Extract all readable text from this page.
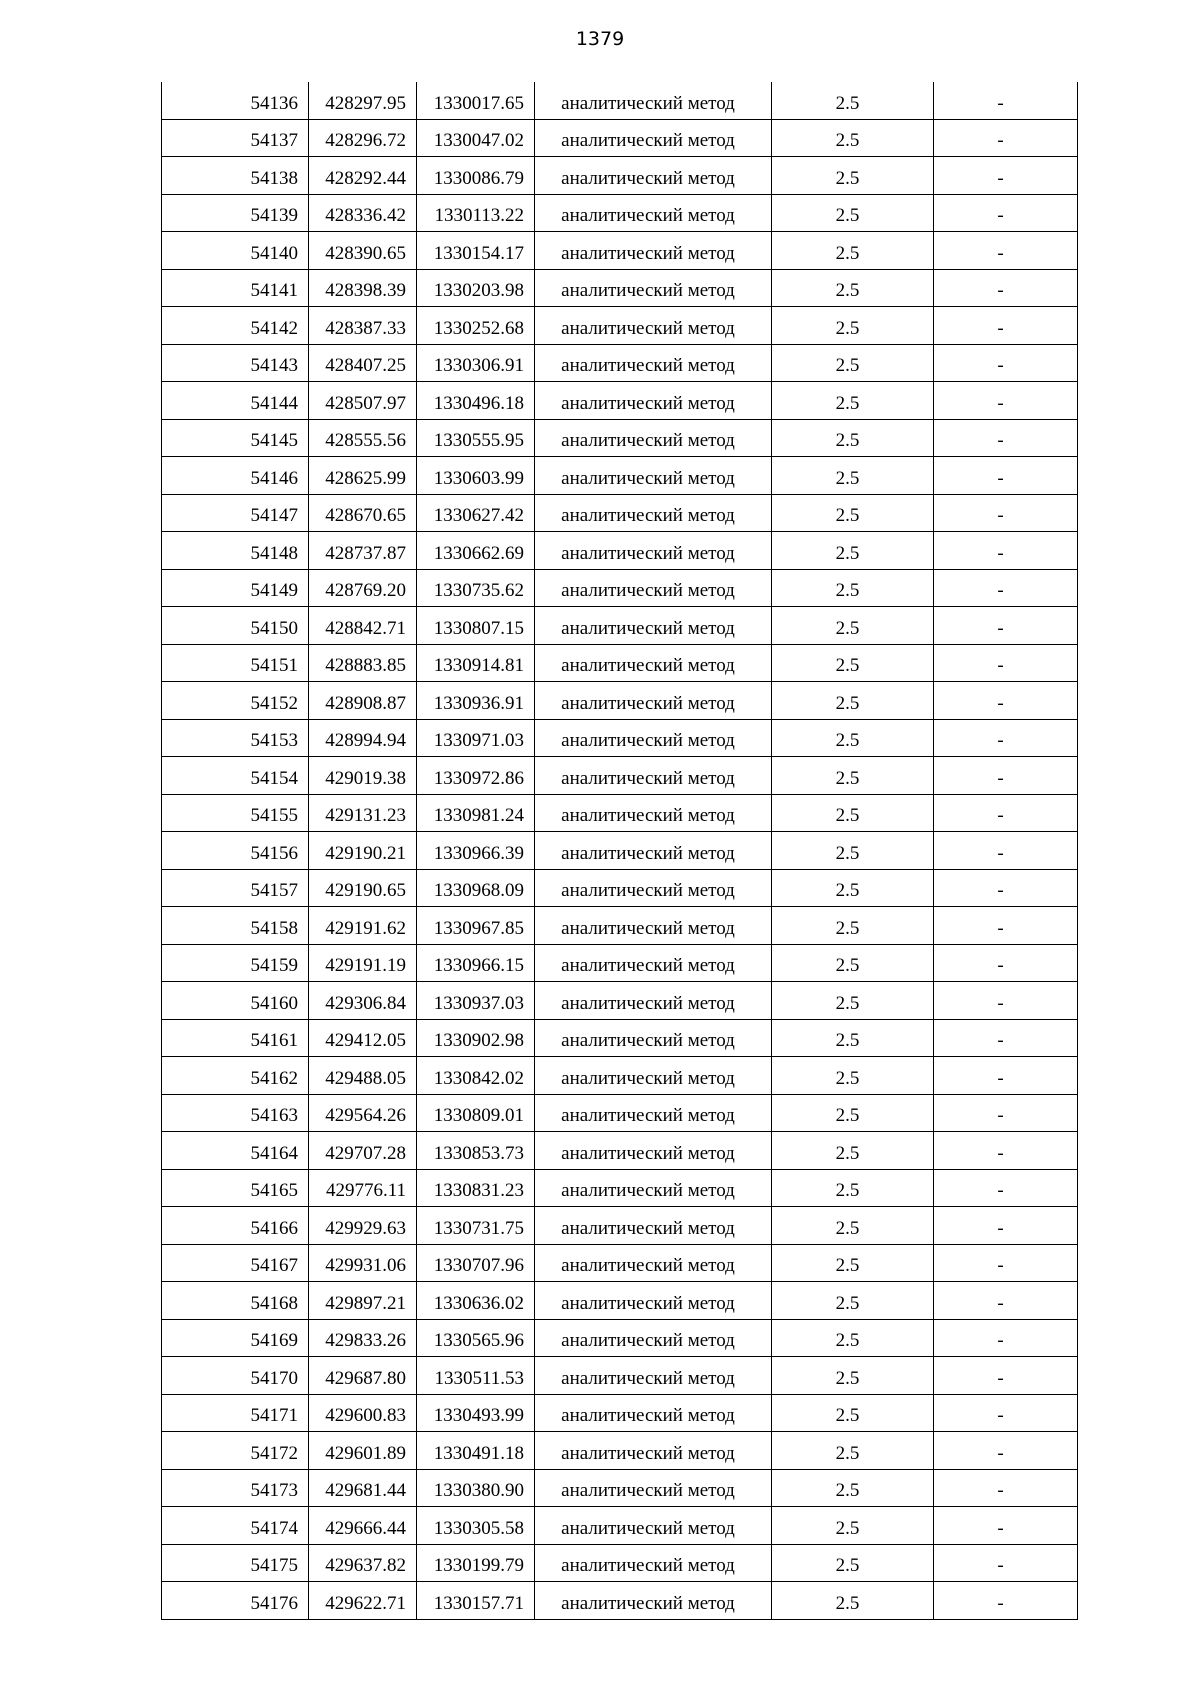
1379
54136	428297.95	1330017.65	аналитический метод	2.5	-
54137	428296.72	1330047.02	аналитический метод	2.5	-
54138	428292.44	1330086.79	аналитический метод	2.5	-
54139	428336.42	1330113.22	аналитический метод	2.5	-
54140	428390.65	1330154.17	аналитический метод	2.5	-
54141	428398.39	1330203.98	аналитический метод	2.5	-
54142	428387.33	1330252.68	аналитический метод	2.5	-
54143	428407.25	1330306.91	аналитический метод	2.5	-
54144	428507.97	1330496.18	аналитический метод	2.5	-
54145	428555.56	1330555.95	аналитический метод	2.5	-
54146	428625.99	1330603.99	аналитический метод	2.5	-
54147	428670.65	1330627.42	аналитический метод	2.5	-
54148	428737.87	1330662.69	аналитический метод	2.5	-
54149	428769.20	1330735.62	аналитический метод	2.5	-
54150	428842.71	1330807.15	аналитический метод	2.5	-
54151	428883.85	1330914.81	аналитический метод	2.5	-
54152	428908.87	1330936.91	аналитический метод	2.5	-
54153	428994.94	1330971.03	аналитический метод	2.5	-
54154	429019.38	1330972.86	аналитический метод	2.5	-
54155	429131.23	1330981.24	аналитический метод	2.5	-
54156	429190.21	1330966.39	аналитический метод	2.5	-
54157	429190.65	1330968.09	аналитический метод	2.5	-
54158	429191.62	1330967.85	аналитический метод	2.5	-
54159	429191.19	1330966.15	аналитический метод	2.5	-
54160	429306.84	1330937.03	аналитический метод	2.5	-
54161	429412.05	1330902.98	аналитический метод	2.5	-
54162	429488.05	1330842.02	аналитический метод	2.5	-
54163	429564.26	1330809.01	аналитический метод	2.5	-
54164	429707.28	1330853.73	аналитический метод	2.5	-
54165	429776.11	1330831.23	аналитический метод	2.5	-
54166	429929.63	1330731.75	аналитический метод	2.5	-
54167	429931.06	1330707.96	аналитический метод	2.5	-
54168	429897.21	1330636.02	аналитический метод	2.5	-
54169	429833.26	1330565.96	аналитический метод	2.5	-
54170	429687.80	1330511.53	аналитический метод	2.5	-
54171	429600.83	1330493.99	аналитический метод	2.5	-
54172	429601.89	1330491.18	аналитический метод	2.5	-
54173	429681.44	1330380.90	аналитический метод	2.5	-
54174	429666.44	1330305.58	аналитический метод	2.5	-
54175	429637.82	1330199.79	аналитический метод	2.5	-
54176	429622.71	1330157.71	аналитический метод	2.5	-
